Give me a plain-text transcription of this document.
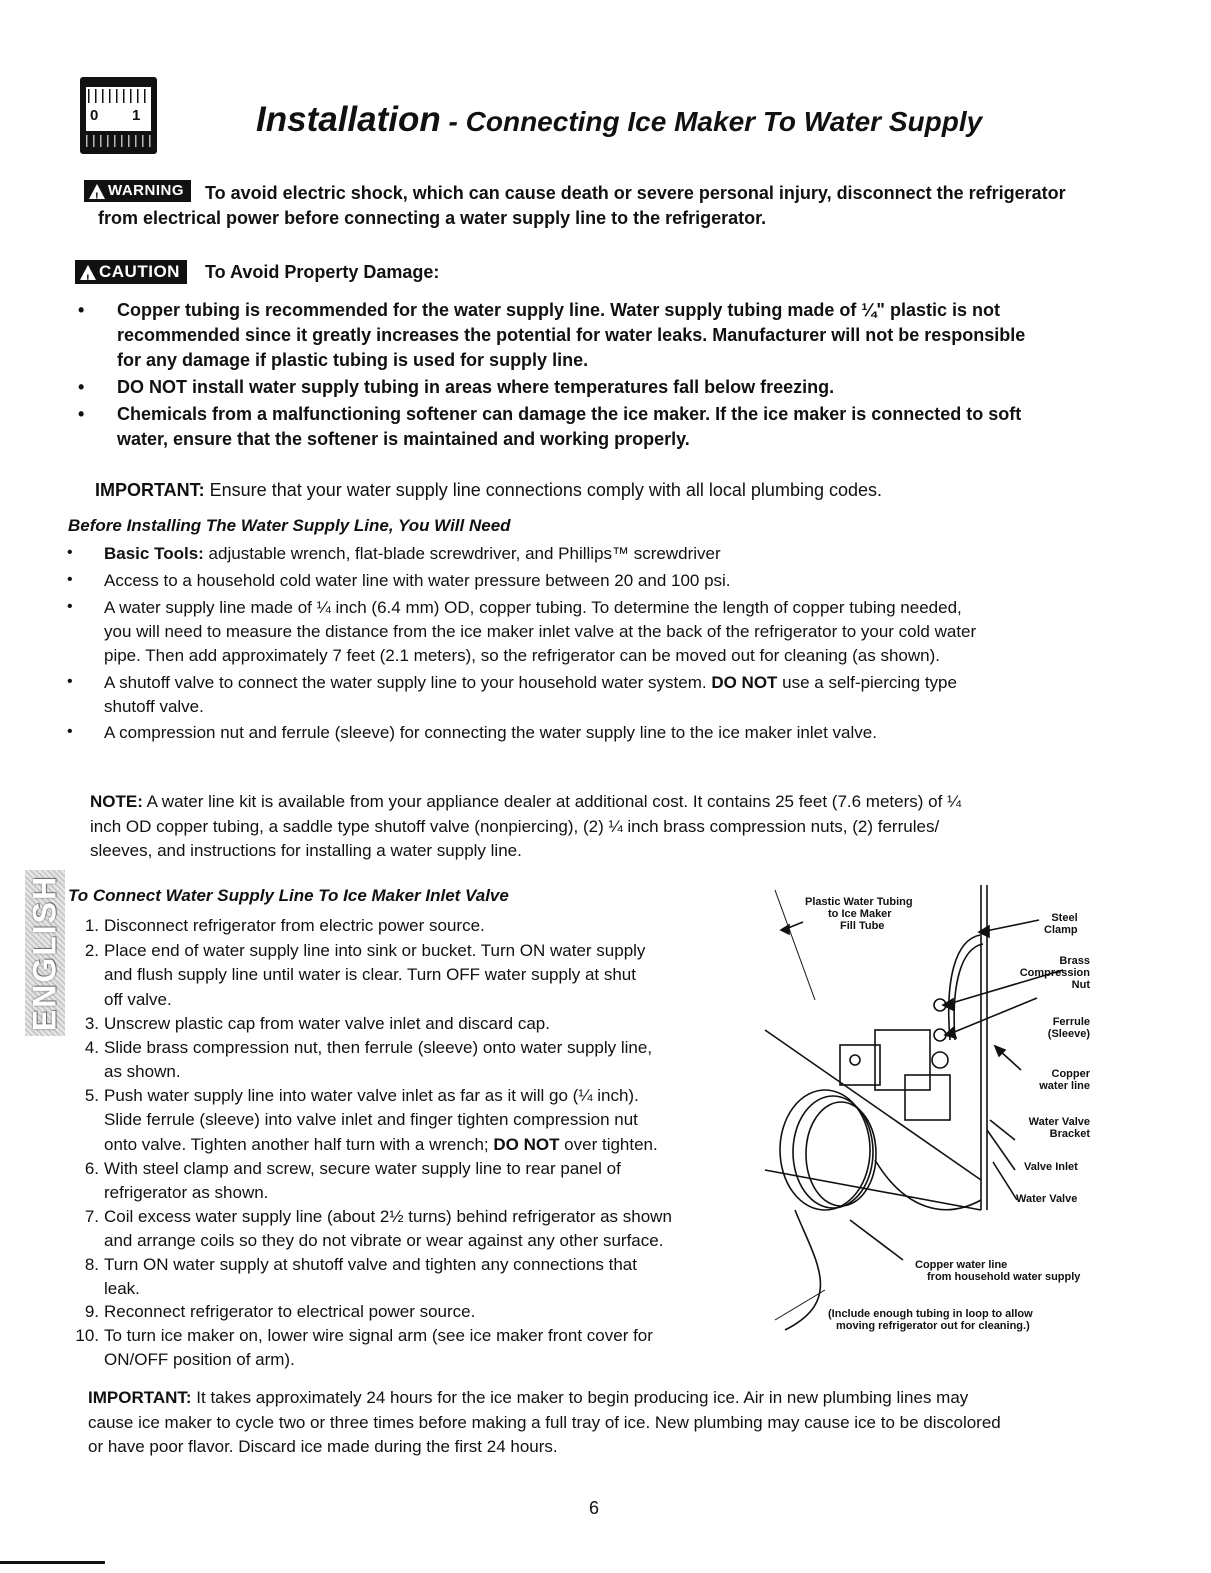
0 1	Installation - Connecting Ice Maker To Water Supply
!
WARNING To avoid electric shock, which can cause death or severe personal injury, disconnect the refrigerator
from electrical power before connecting a water supply line to the refrigerator.
!
CAUTION To Avoid Property Damage:
• Copper tubing is recommended for the water supply line. Water supply tubing made of ¼" plastic is not
recommended since it greatly increases the potential for water leaks. Manufacturer will not be responsible
for any damage if plastic tubing is used for supply line.
• DO NOT install water supply tubing in areas where temperatures fall below freezing.
• Chemicals from a malfunctioning softener can damage the ice maker. If the ice maker is connected to soft
water, ensure that the softener is maintained and working properly.
IMPORTANT: Ensure that your water supply line connections comply with all local plumbing codes.
Before Installing The Water Supply Line, You Will Need
• Basic Tools: adjustable wrench, flat-blade screwdriver, and Phillips™ screwdriver
• Access to a household cold water line with water pressure between 20 and 100 psi.
• A water supply line made of ¼ inch (6.4 mm) OD, copper tubing. To determine the length of copper tubing needed,
you will need to measure the distance from the ice maker inlet valve at the back of the refrigerator to your cold water
pipe. Then add approximately 7 feet (2.1 meters), so the refrigerator can be moved out for cleaning (as shown).
• A shutoff valve to connect the water supply line to your household water system. DO NOT use a self-piercing type
shutoff valve.
• A compression nut and ferrule (sleeve) for connecting the water supply line to the ice maker inlet valve.
NOTE: A water line kit is available from your appliance dealer at additional cost. It contains 25 feet (7.6 meters) of ¼
inch OD copper tubing, a saddle type shutoff valve (nonpiercing), (2) ¼ inch brass compression nuts, (2) ferrules/
sleeves, and instructions for installing a water supply line.
ENGLISH To Connect Water Supply Line To Ice Maker Inlet Valve
1. Disconnect refrigerator from electric power source.
2. Place end of water supply line into sink or bucket. Turn ON water supply
and flush supply line until water is clear. Turn OFF water supply at shut
off valve.
3. Unscrew plastic cap from water valve inlet and discard cap.
4. Slide brass compression nut, then ferrule (sleeve) onto water supply line,
as shown.
5. Push water supply line into water valve inlet as far as it will go (¼ inch).
Slide ferrule (sleeve) into valve inlet and finger tighten compression nut
onto valve. Tighten another half turn with a wrench; DO NOT over tighten.
6. With steel clamp and screw, secure water supply line to rear panel of
refrigerator as shown.
7. Coil excess water supply line (about 2½ turns) behind refrigerator as shown
and arrange coils so they do not vibrate or wear against any other surface.
8. Turn ON water supply at shutoff valve and tighten any connections that
leak.
9. Reconnect refrigerator to electrical power source.
10. To turn ice maker on, lower wire signal arm (see ice maker front cover for
ON/OFF position of arm).
Plastic Water Tubing
to Ice Maker
Fill Tube
Steel
Clamp
Brass
Compression
Nut
Ferrule
(Sleeve)
Copper
water line
Water Valve
Bracket
Valve Inlet
Water Valve
Copper water line
from household water supply
(Include enough tubing in loop to allow
moving refrigerator out for cleaning.)
IMPORTANT: It takes approximately 24 hours for the ice maker to begin producing ice. Air in new plumbing lines may
cause ice maker to cycle two or three times before making a full tray of ice. New plumbing may cause ice to be discolored
or have poor flavor. Discard ice made during the first 24 hours.
6
